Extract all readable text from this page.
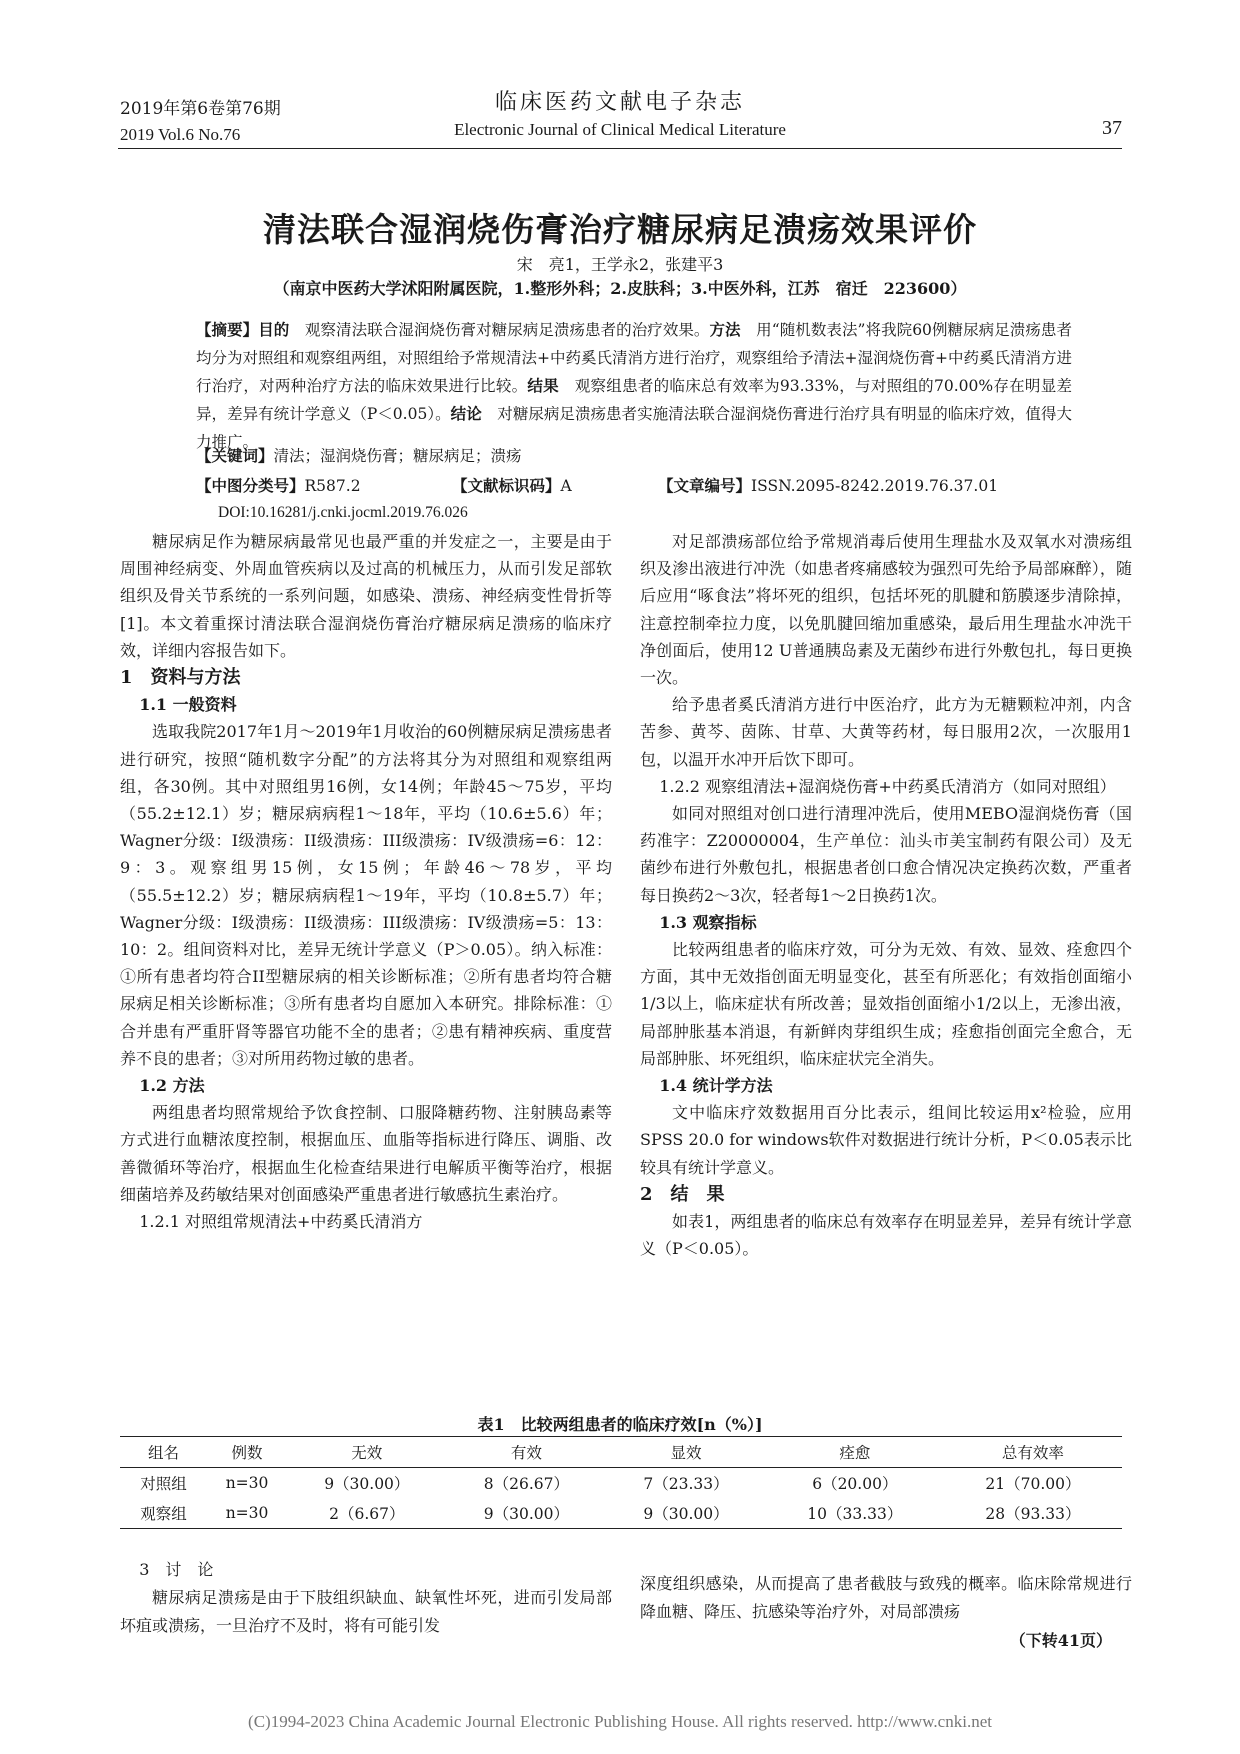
2019年第6卷第76期
2019 Vol.6 No.76
临床医药文献电子杂志
Electronic Journal of Clinical Medical Literature	37
清法联合湿润烧伤膏治疗糖尿病足溃疡效果评价
宋　亮1，王学永2，张建平3
（南京中医药大学沭阳附属医院，1.整形外科；2.皮肤科；3.中医外科，江苏　宿迁　223600）
【摘要】目的　观察清法联合湿润烧伤膏对糖尿病足溃疡患者的治疗效果。方法　用“随机数表法”将我院60例糖尿病足溃疡患者均分为对照组和观察组两组，对照组给予常规清法+中药奚氏清消方进行治疗，观察组给予清法+湿润烧伤膏+中药奚氏清消方进行治疗，对两种治疗方法的临床效果进行比较。结果　观察组患者的临床总有效率为93.33%，与对照组的70.00%存在明显差异，差异有统计学意义（P＜0.05）。结论　对糖尿病足溃疡患者实施清法联合湿润烧伤膏进行治疗具有明显的临床疗效，值得大力推广。
【关键词】清法；湿润烧伤膏；糖尿病足；溃疡
【中图分类号】R587.2	【文献标识码】A	【文章编号】ISSN.2095-8242.2019.76.37.01
DOI:10.16281/j.cnki.jocml.2019.76.026

糖尿病足作为糖尿病最常见也最严重的并发症之一，主要是由于周围神经病变、外周血管疾病以及过高的机械压力，从而引发足部软组织及骨关节系统的一系列问题，如感染、溃疡、神经病变性骨折等[1]。本文着重探讨清法联合湿润烧伤膏治疗糖尿病足溃疡的临床疗效，详细内容报告如下。

1　资料与方法

1.1 一般资料

选取我院2017年1月～2019年1月收治的60例糖尿病足溃疡患者进行研究，按照“随机数字分配”的方法将其分为对照组和观察组两组，各30例。其中对照组男16例，女14例；年龄45～75岁，平均（55.2±12.1）岁；糖尿病病程1～18年，平均（10.6±5.6）年；Wagner分级：I级溃疡：II级溃疡：III级溃疡：IV级溃疡=6：12：9：3。观察组男15例，女15例；年龄46～78岁，平均（55.5±12.2）岁；糖尿病病程1～19年，平均（10.8±5.7）年；Wagner分级：I级溃疡：II级溃疡：III级溃疡：IV级溃疡=5：13：10：2。组间资料对比，差异无统计学意义（P＞0.05）。纳入标准：①所有患者均符合II型糖尿病的相关诊断标准；②所有患者均符合糖尿病足相关诊断标准；③所有患者均自愿加入本研究。排除标准：①合并患有严重肝肾等器官功能不全的患者；②患有精神疾病、重度营养不良的患者；③对所用药物过敏的患者。

1.2 方法

两组患者均照常规给予饮食控制、口服降糖药物、注射胰岛素等方式进行血糖浓度控制，根据血压、血脂等指标进行降压、调脂、改善微循环等治疗，根据血生化检查结果进行电解质平衡等治疗，根据细菌培养及药敏结果对创面感染严重患者进行敏感抗生素治疗。

1.2.1 对照组常规清法+中药奚氏清消方

对足部溃疡部位给予常规消毒后使用生理盐水及双氧水对溃疡组织及渗出液进行冲洗（如患者疼痛感较为强烈可先给予局部麻醉），随后应用“啄食法”将坏死的组织，包括坏死的肌腱和筋膜逐步清除掉，注意控制牵拉力度，以免肌腱回缩加重感染，最后用生理盐水冲洗干净创面后，使用12 U普通胰岛素及无菌纱布进行外敷包扎，每日更换一次。

给予患者奚氏清消方进行中医治疗，此方为无糖颗粒冲剂，内含苦参、黄芩、茵陈、甘草、大黄等药材，每日服用2次，一次服用1包，以温开水冲开后饮下即可。

1.2.2 观察组清法+湿润烧伤膏+中药奚氏清消方（如同对照组）

如同对照组对创口进行清理冲洗后，使用MEBO湿润烧伤膏（国药准字：Z20000004，生产单位：汕头市美宝制药有限公司）及无菌纱布进行外敷包扎，根据患者创口愈合情况决定换药次数，严重者每日换药2～3次，轻者每1～2日换药1次。

1.3 观察指标

比较两组患者的临床疗效，可分为无效、有效、显效、痊愈四个方面，其中无效指创面无明显变化，甚至有所恶化；有效指创面缩小1/3以上，临床症状有所改善；显效指创面缩小1/2以上，无渗出液，局部肿胀基本消退，有新鲜肉芽组织生成；痊愈指创面完全愈合，无局部肿胀、坏死组织，临床症状完全消失。

1.4 统计学方法

文中临床疗效数据用百分比表示，组间比较运用x²检验，应用SPSS 20.0 for windows软件对数据进行统计分析，P＜0.05表示比较具有统计学意义。

2　结　果

如表1，两组患者的临床总有效率存在明显差异，差异有统计学意义（P＜0.05）。

表1　比较两组患者的临床疗效[n（%）]
组名	例数	无效	有效	显效	痊愈	总有效率
对照组	n=30	9（30.00）	8（26.67）	7（23.33）	6（20.00）	21（70.00）
观察组	n=30	2（6.67）	9（30.00）	9（30.00）	10（33.33）	28（93.33）

3　讨　论

糖尿病足溃疡是由于下肢组织缺血、缺氧性坏死，进而引发局部坏疽或溃疡，一旦治疗不及时，将有可能引发

深度组织感染，从而提高了患者截肢与致残的概率。临床除常规进行降血糖、降压、抗感染等治疗外，对局部溃疡

（下转41页）
(C)1994-2023 China Academic Journal Electronic Publishing House. All rights reserved. http://www.cnki.net
